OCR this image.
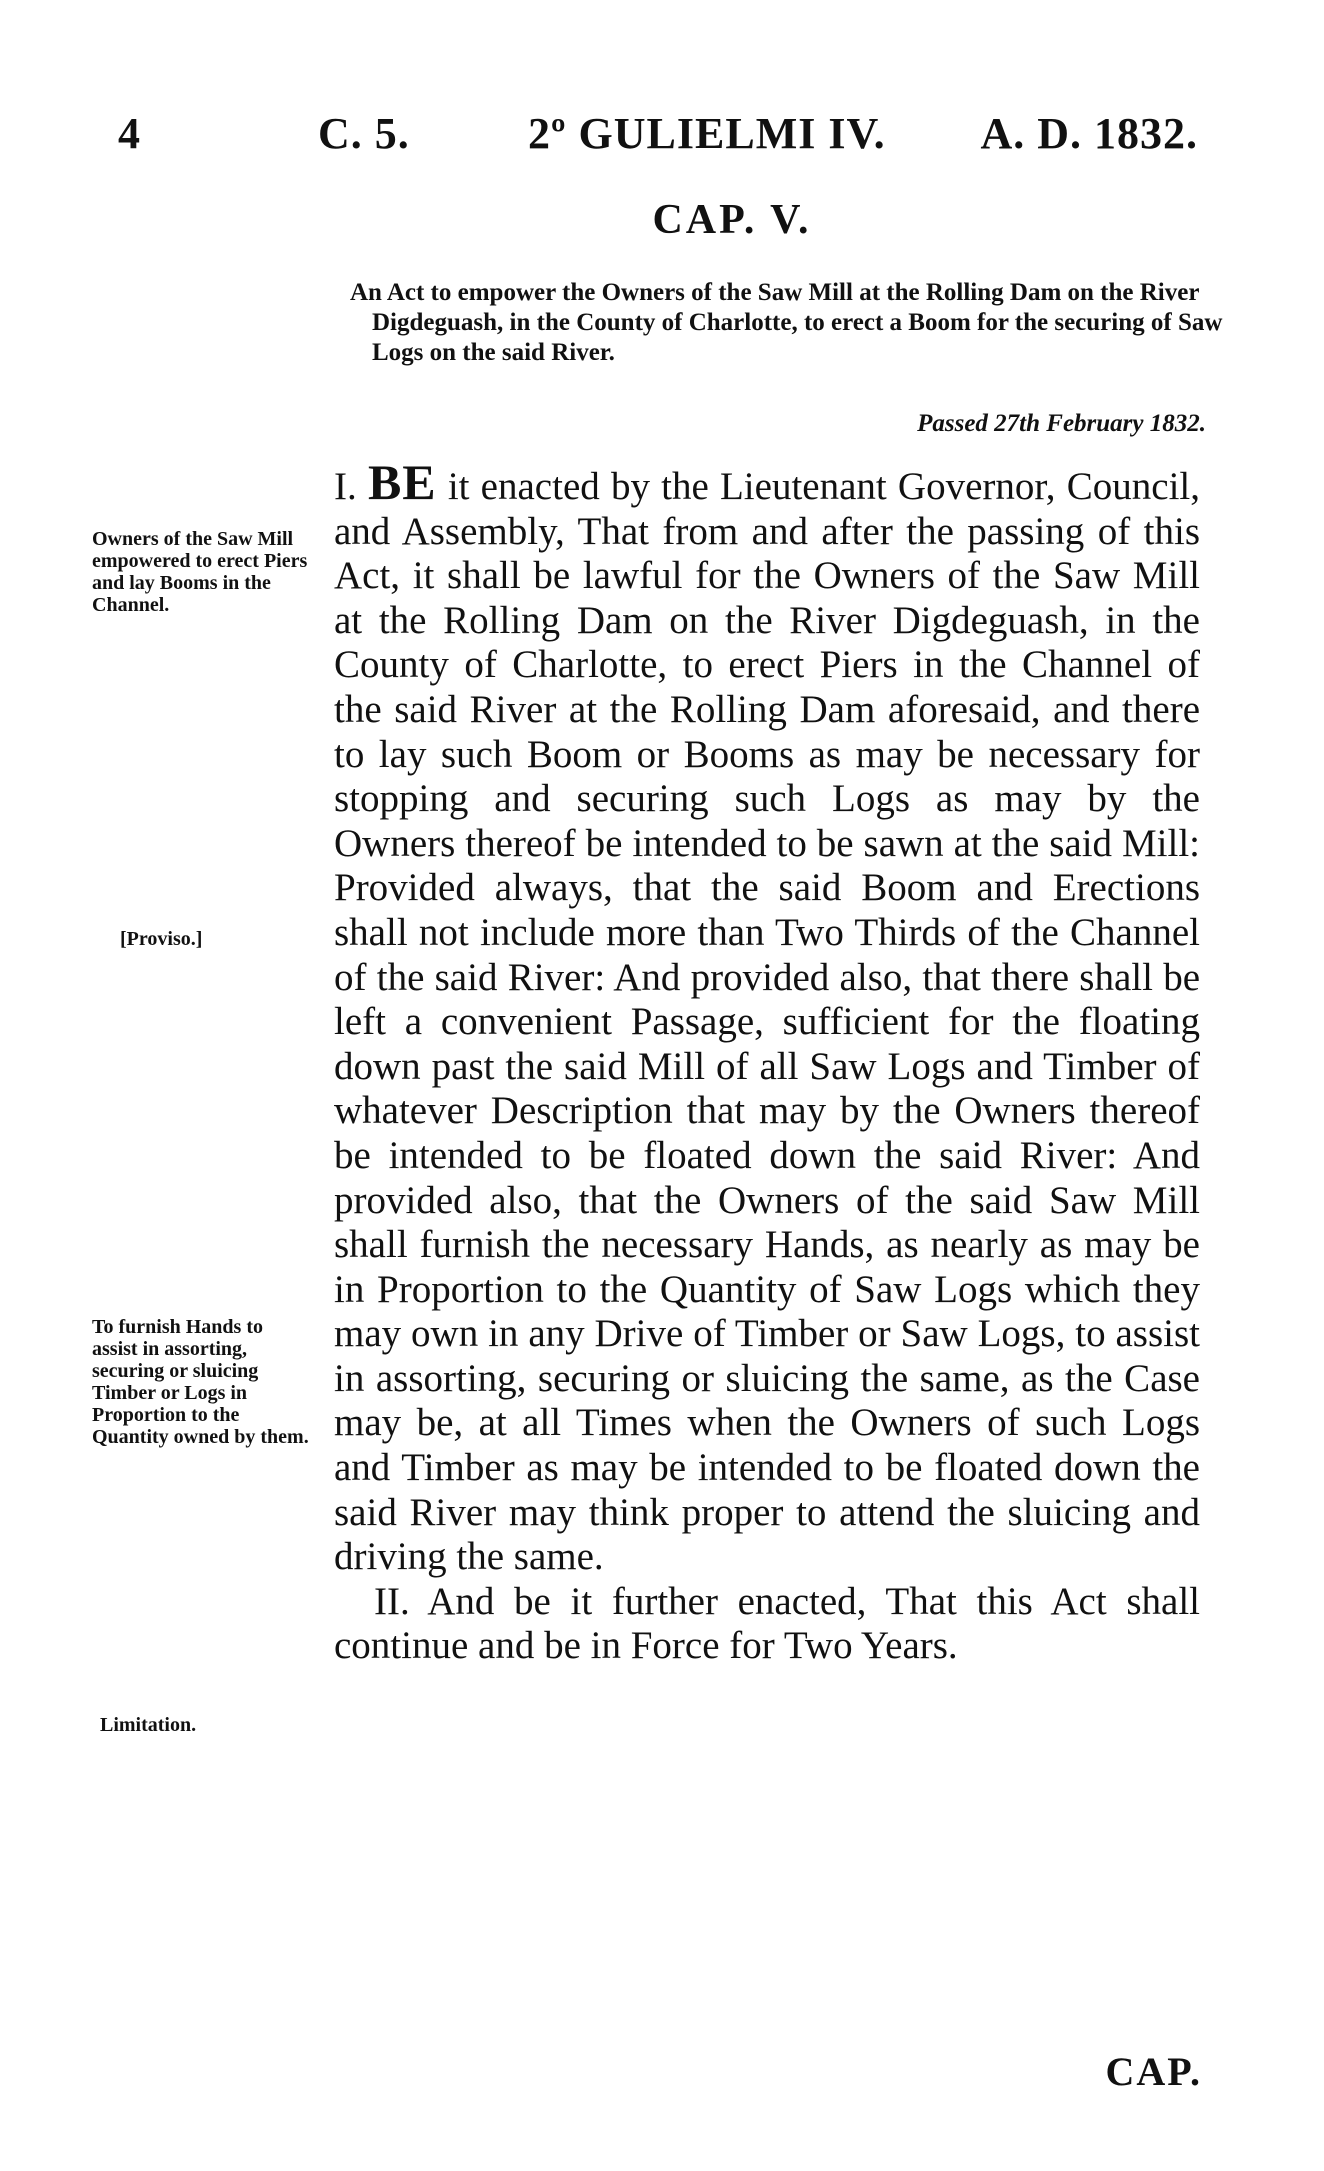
4	C. 5.	2º GULIELMI IV. A. D. 1832.
CAP. V.
An Act to empower the Owners of the Saw Mill at the Rolling Dam on the River Digdeguash, in the County of Charlotte, to erect a Boom for the securing of Saw Logs on the said River.
Passed 27th February 1832.
Owners of the Saw Mill empowered to erect Piers and lay Booms in the Channel.
[Proviso.]
To furnish Hands to assist in assorting, securing or sluicing Timber or Logs in Proportion to the Quantity owned by them.
Limitation.

I. BE it enacted by the Lieutenant Governor, Council, and Assembly, That from and after the passing of this Act, it shall be lawful for the Owners of the Saw Mill at the Rolling Dam on the River Digdeguash, in the County of Charlotte, to erect Piers in the Channel of the said River at the Rolling Dam aforesaid, and there to lay such Boom or Booms as may be necessary for stopping and securing such Logs as may by the Owners thereof be intended to be sawn at the said Mill: Provided always, that the said Boom and Erections shall not include more than Two Thirds of the Channel of the said River: And provided also, that there shall be left a convenient Passage, sufficient for the floating down past the said Mill of all Saw Logs and Timber of whatever Description that may by the Owners thereof be intended to be floated down the said River: And provided also, that the Owners of the said Saw Mill shall furnish the necessary Hands, as nearly as may be in Proportion to the Quantity of Saw Logs which they may own in any Drive of Timber or Saw Logs, to assist in assorting, securing or sluicing the same, as the Case may be, at all Times when the Owners of such Logs and Timber as may be intended to be floated down the said River may think proper to attend the sluicing and driving the same.

II. And be it further enacted, That this Act shall continue and be in Force for Two Years.

CAP.
